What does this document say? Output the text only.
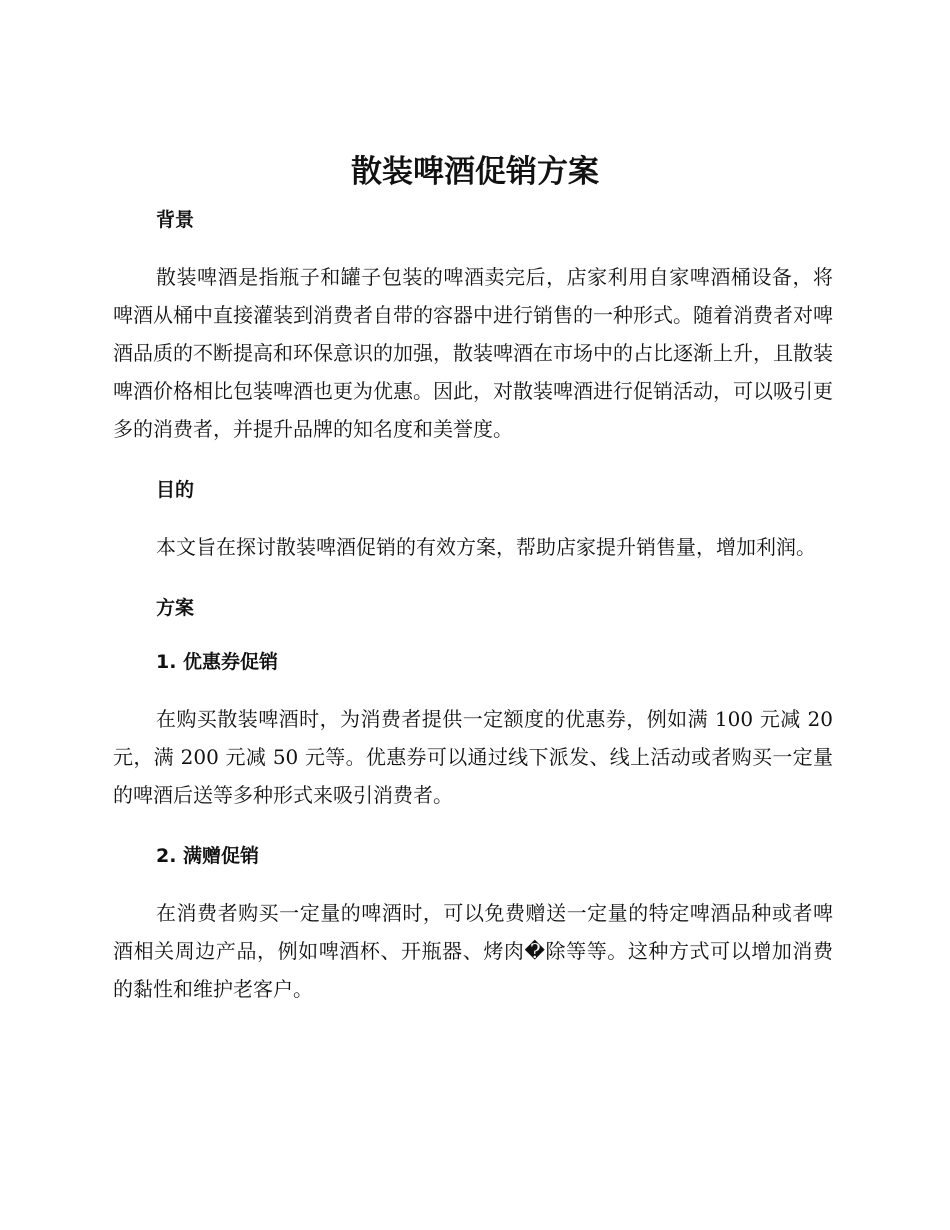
散装啤酒促销方案

背景

散装啤酒是指瓶子和罐子包装的啤酒卖完后，店家利用自家啤酒桶设备，将啤酒从桶中直接灌装到消费者自带的容器中进行销售的一种形式。随着消费者对啤酒品质的不断提高和环保意识的加强，散装啤酒在市场中的占比逐渐上升，且散装啤酒价格相比包装啤酒也更为优惠。因此，对散装啤酒进行促销活动，可以吸引更多的消费者，并提升品牌的知名度和美誉度。

目的

本文旨在探讨散装啤酒促销的有效方案，帮助店家提升销售量，增加利润。

方案

1. 优惠券促销

在购买散装啤酒时，为消费者提供一定额度的优惠券，例如满 100 元减 20 元，满 200 元减 50 元等。优惠券可以通过线下派发、线上活动或者购买一定量的啤酒后送等多种形式来吸引消费者。

2. 满赠促销

在消费者购买一定量的啤酒时，可以免费赠送一定量的特定啤酒品种或者啤酒相关周边产品，例如啤酒杯、开瓶器、烤肉�除等等。这种方式可以增加消费的黏性和维护老客户。
